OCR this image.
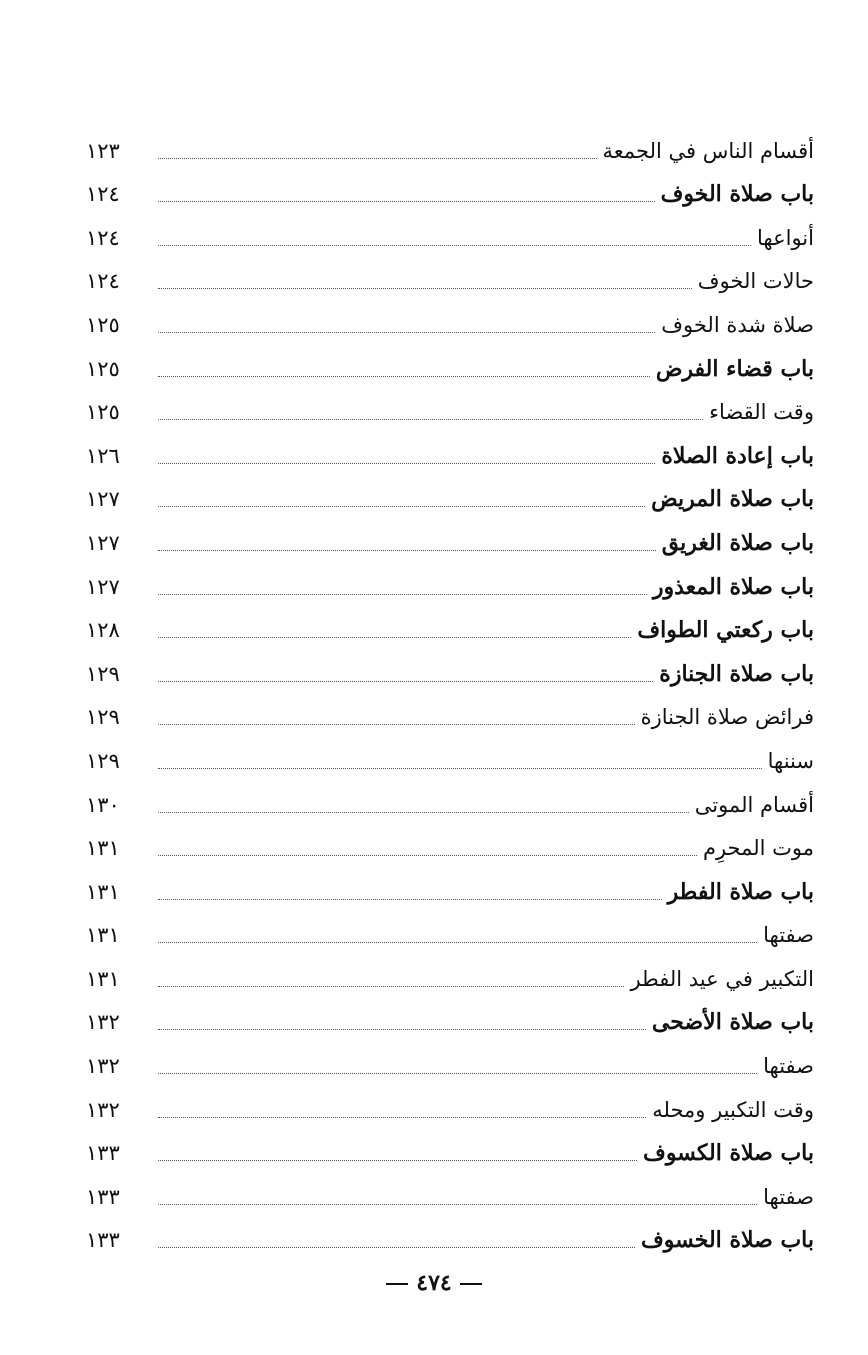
أقسام الناس في الجمعة
١٢٣
باب صلاة الخوف
١٢٤
أنواعها
١٢٤
حالات الخوف
١٢٤
صلاة شدة الخوف
١٢٥
باب قضاء الفرض
١٢٥
وقت القضاء
١٢٥
باب إعادة الصلاة
١٢٦
باب صلاة المريض
١٢٧
باب صلاة الغريق
١٢٧
باب صلاة المعذور
١٢٧
باب ركعتي الطواف
١٢٨
باب صلاة الجنازة
١٢٩
فرائض صلاة الجنازة
١٢٩
سننها
١٢٩
أقسام الموتى
١٣٠
موت المحرِم
١٣١
باب صلاة الفطر
١٣١
صفتها
١٣١
التكبير في عيد الفطر
١٣١
باب صلاة الأضحى
١٣٢
صفتها
١٣٢
وقت التكبير ومحله
١٣٢
باب صلاة الكسوف
١٣٣
صفتها
١٣٣
باب صلاة الخسوف
١٣٣
٤٧٤
